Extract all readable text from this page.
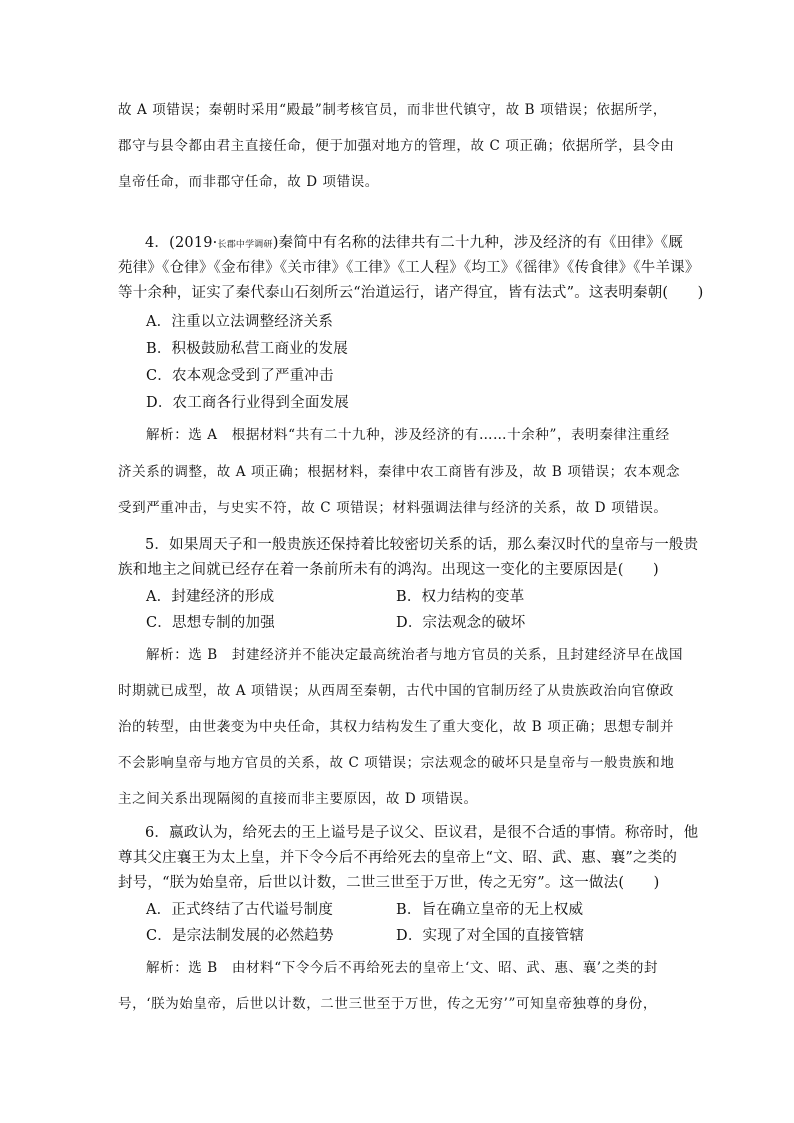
故 A 项错误；秦朝时采用“殿最”制考核官员，而非世代镇守，故 B 项错误；依据所学，
郡守与县令都由君主直接任命，便于加强对地方的管理，故 C 项正确；依据所学，县令由
皇帝任命，而非郡守任命，故 D 项错误。
4．(2019·长郡中学调研)秦简中有名称的法律共有二十九种，涉及经济的有《田律》《厩
苑律》《仓律》《金布律》《关市律》《工律》《工人程》《均工》《徭律》《传食律》《牛羊课》
等十余种，证实了秦代泰山石刻所云“治道运行，诸产得宜，皆有法式”。这表明秦朝(　　)
A．注重以立法调整经济关系
B．积极鼓励私营工商业的发展
C．农本观念受到了严重冲击
D．农工商各行业得到全面发展
解析：选 A　根据材料“共有二十九种，涉及经济的有……十余种”，表明秦律注重经
济关系的调整，故 A 项正确；根据材料，秦律中农工商皆有涉及，故 B 项错误；农本观念
受到严重冲击，与史实不符，故 C 项错误；材料强调法律与经济的关系，故 D 项错误。
5．如果周天子和一般贵族还保持着比较密切关系的话，那么秦汉时代的皇帝与一般贵
族和地主之间就已经存在着一条前所未有的鸿沟。出现这一变化的主要原因是(　　)
A．封建经济的形成	B．权力结构的变革
C．思想专制的加强	D．宗法观念的破坏
解析：选 B　封建经济并不能决定最高统治者与地方官员的关系，且封建经济早在战国
时期就已成型，故 A 项错误；从西周至秦朝，古代中国的官制历经了从贵族政治向官僚政
治的转型，由世袭变为中央任命，其权力结构发生了重大变化，故 B 项正确；思想专制并
不会影响皇帝与地方官员的关系，故 C 项错误；宗法观念的破坏只是皇帝与一般贵族和地
主之间关系出现隔阂的直接而非主要原因，故 D 项错误。
6．嬴政认为，给死去的王上谥号是子议父、臣议君，是很不合适的事情。称帝时，他
尊其父庄襄王为太上皇，并下令今后不再给死去的皇帝上“文、昭、武、惠、襄”之类的
封号，“朕为始皇帝，后世以计数，二世三世至于万世，传之无穷”。这一做法(　　)
A．正式终结了古代谥号制度	B．旨在确立皇帝的无上权威
C．是宗法制发展的必然趋势	D．实现了对全国的直接管辖
解析：选 B　由材料“下令今后不再给死去的皇帝上‘文、昭、武、惠、襄’之类的封
号，‘朕为始皇帝，后世以计数，二世三世至于万世，传之无穷’”可知皇帝独尊的身份，
